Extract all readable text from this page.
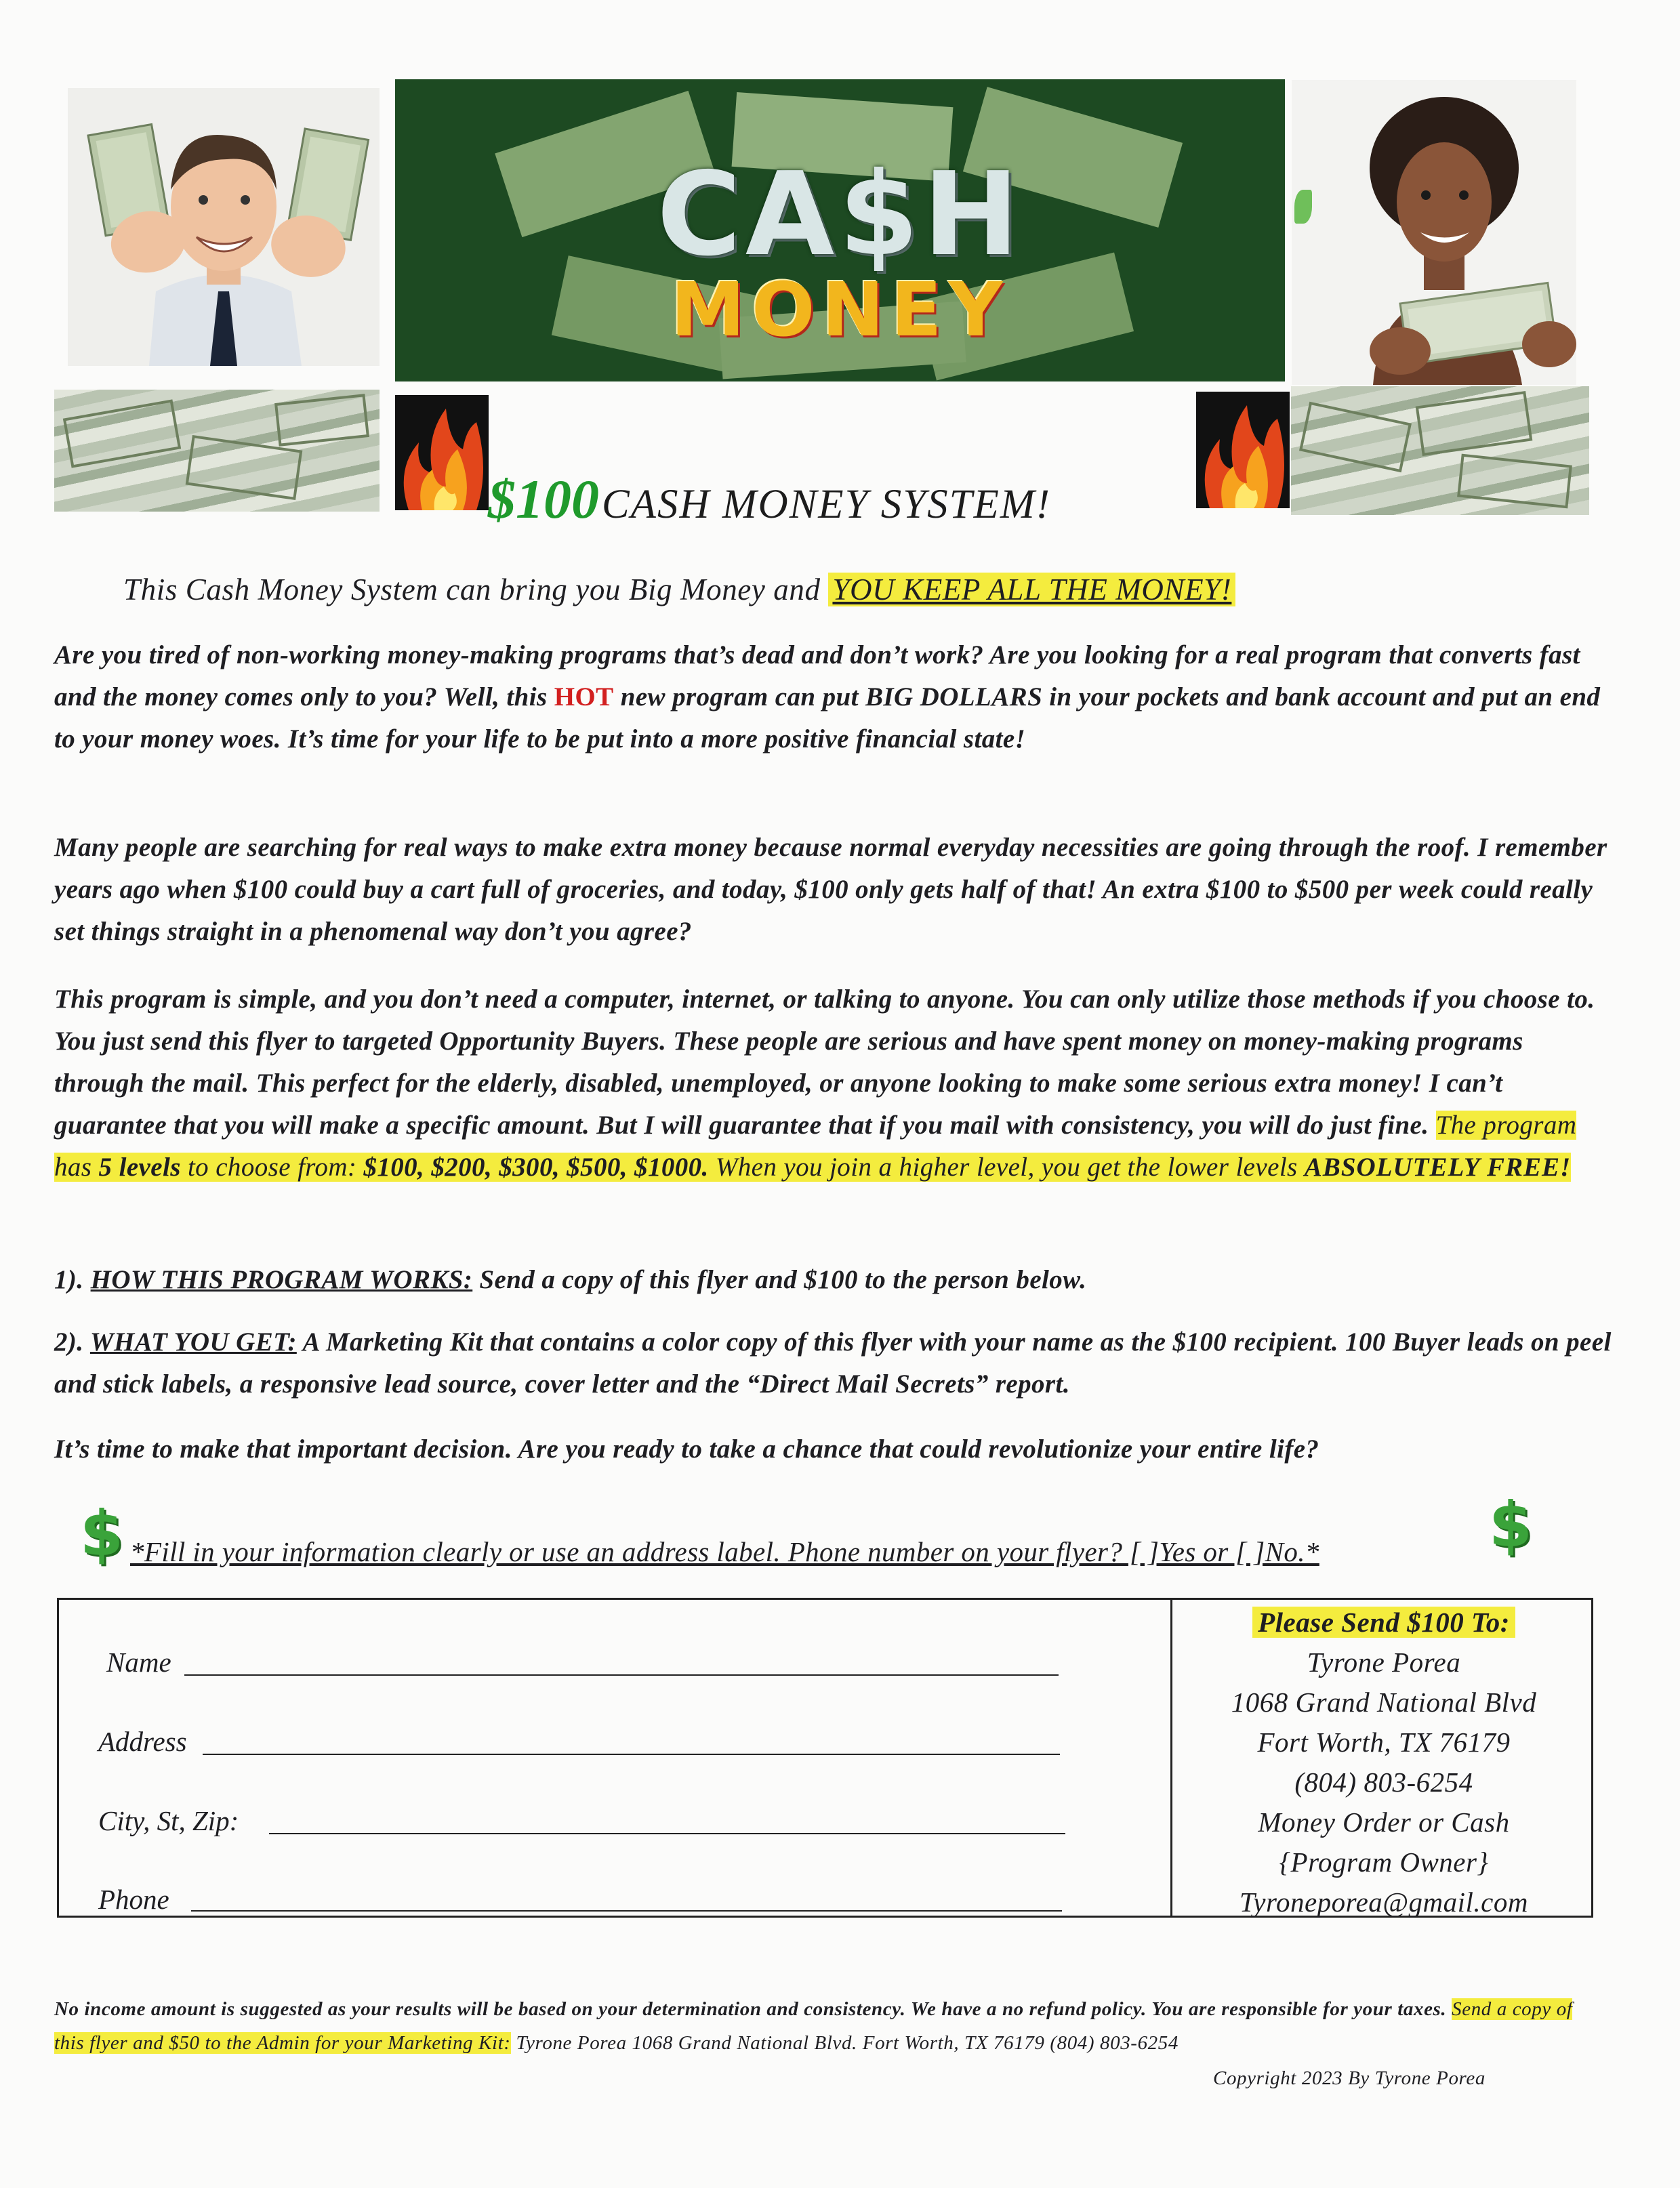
CA$H
MONEY
$100 CASH MONEY SYSTEM!
This Cash Money System can bring you Big Money and YOU KEEP ALL THE MONEY!

Are you tired of non-working money-making programs that’s dead and don’t work? Are you looking for a real program that converts fast and the money comes only to you? Well, this HOT new program can put BIG DOLLARS in your pockets and bank account and put an end to your money woes. It’s time for your life to be put into a more positive financial state!

Many people are searching for real ways to make extra money because normal everyday necessities are going through the roof. I remember years ago when $100 could buy a cart full of groceries, and today, $100 only gets half of that! An extra $100 to $500 per week could really set things straight in a phenomenal way don’t you agree?

This program is simple, and you don’t need a computer, internet, or talking to anyone. You can only utilize those methods if you choose to. You just send this flyer to targeted Opportunity Buyers. These people are serious and have spent money on money-making programs through the mail. This perfect for the elderly, disabled, unemployed, or anyone looking to make some serious extra money! I can’t guarantee that you will make a specific amount. But I will guarantee that if you mail with consistency, you will do just fine. The program has 5 levels to choose from: $100, $200, $300, $500, $1000. When you join a higher level, you get the lower levels ABSOLUTELY FREE!

1). HOW THIS PROGRAM WORKS: Send a copy of this flyer and $100 to the person below.

2). WHAT YOU GET: A Marketing Kit that contains a color copy of this flyer with your name as the $100 recipient. 100 Buyer leads on peel and stick labels, a responsive lead source, cover letter and the “Direct Mail Secrets” report.

It’s time to make that important decision. Are you ready to take a chance that could revolutionize your entire life?

$ *Fill in your information clearly or use an address label. Phone number on your flyer? [ ]Yes or [ ]No.*	$
Name
Address
City, St, Zip:
Phone
Please Send $100 To:
Tyrone Porea
1068 Grand National Blvd
Fort Worth, TX 76179
(804) 803-6254
Money Order or Cash
{Program Owner}
Tyroneporea@gmail.com
No income amount is suggested as your results will be based on your determination and consistency. We have a no refund policy. You are responsible for your taxes. Send a copy of this flyer and $50 to the Admin for your Marketing Kit: Tyrone Porea 1068 Grand National Blvd. Fort Worth, TX 76179 (804) 803-6254
Copyright 2023 By Tyrone Porea
